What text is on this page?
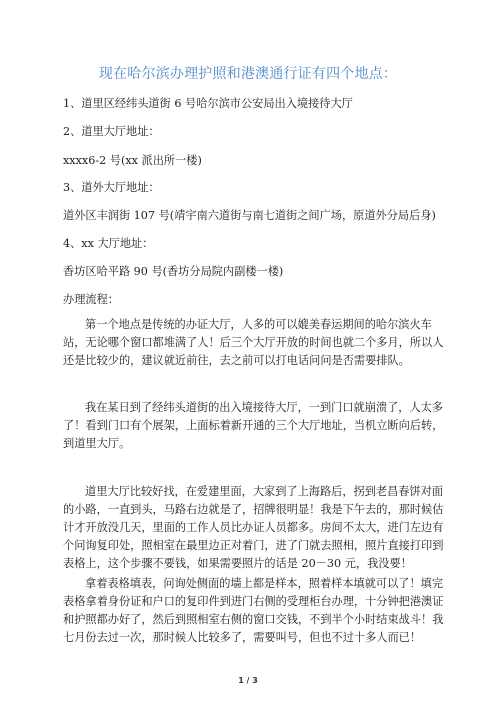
现在哈尔滨办理护照和港澳通行证有四个地点：
1、道里区经纬头道街 6 号哈尔滨市公安局出入境接待大厅
2、道里大厅地址：
xxxx6-2 号(xx 派出所一楼)
3、道外大厅地址：
道外区丰润街 107 号(靖宇南六道街与南七道街之间广场，原道外分局后身)
4、xx 大厅地址：
香坊区哈平路 90 号(香坊分局院内副楼一楼)
办理流程：
第一个地点是传统的办证大厅，人多的可以媲美春运期间的哈尔滨火车
站，无论哪个窗口都堆满了人！后三个大厅开放的时间也就二个多月，所以人
还是比较少的，建议就近前往，去之前可以打电话问问是否需要排队。
我在某日到了经纬头道街的出入境接待大厅，一到门口就崩溃了，人太多
了！看到门口有个展架，上面标着新开通的三个大厅地址，当机立断向后转，
到道里大厅。
道里大厅比较好找，在爱建里面，大家到了上海路后，拐到老昌春饼对面
的小路，一直到头，马路右边就是了，招牌很明显！我是下午去的，那时候估
计才开放没几天，里面的工作人员比办证人员都多。房间不太大，进门左边有
个问询复印处，照相室在最里边正对着门，进了门就去照相，照片直接打印到
表格上，这个步骤不要钱，如果需要照片的话是 20－30 元，我没要！
拿着表格填表，问询处侧面的墙上都是样本，照着样本填就可以了！填完
表格拿着身份证和户口的复印件到进门右侧的受理柜台办理，十分钟把港澳证
和护照都办好了，然后到照相室右侧的窗口交钱，不到半个小时结束战斗！我
七月份去过一次，那时候人比较多了，需要叫号，但也不过十多人而已！
1 / 3
